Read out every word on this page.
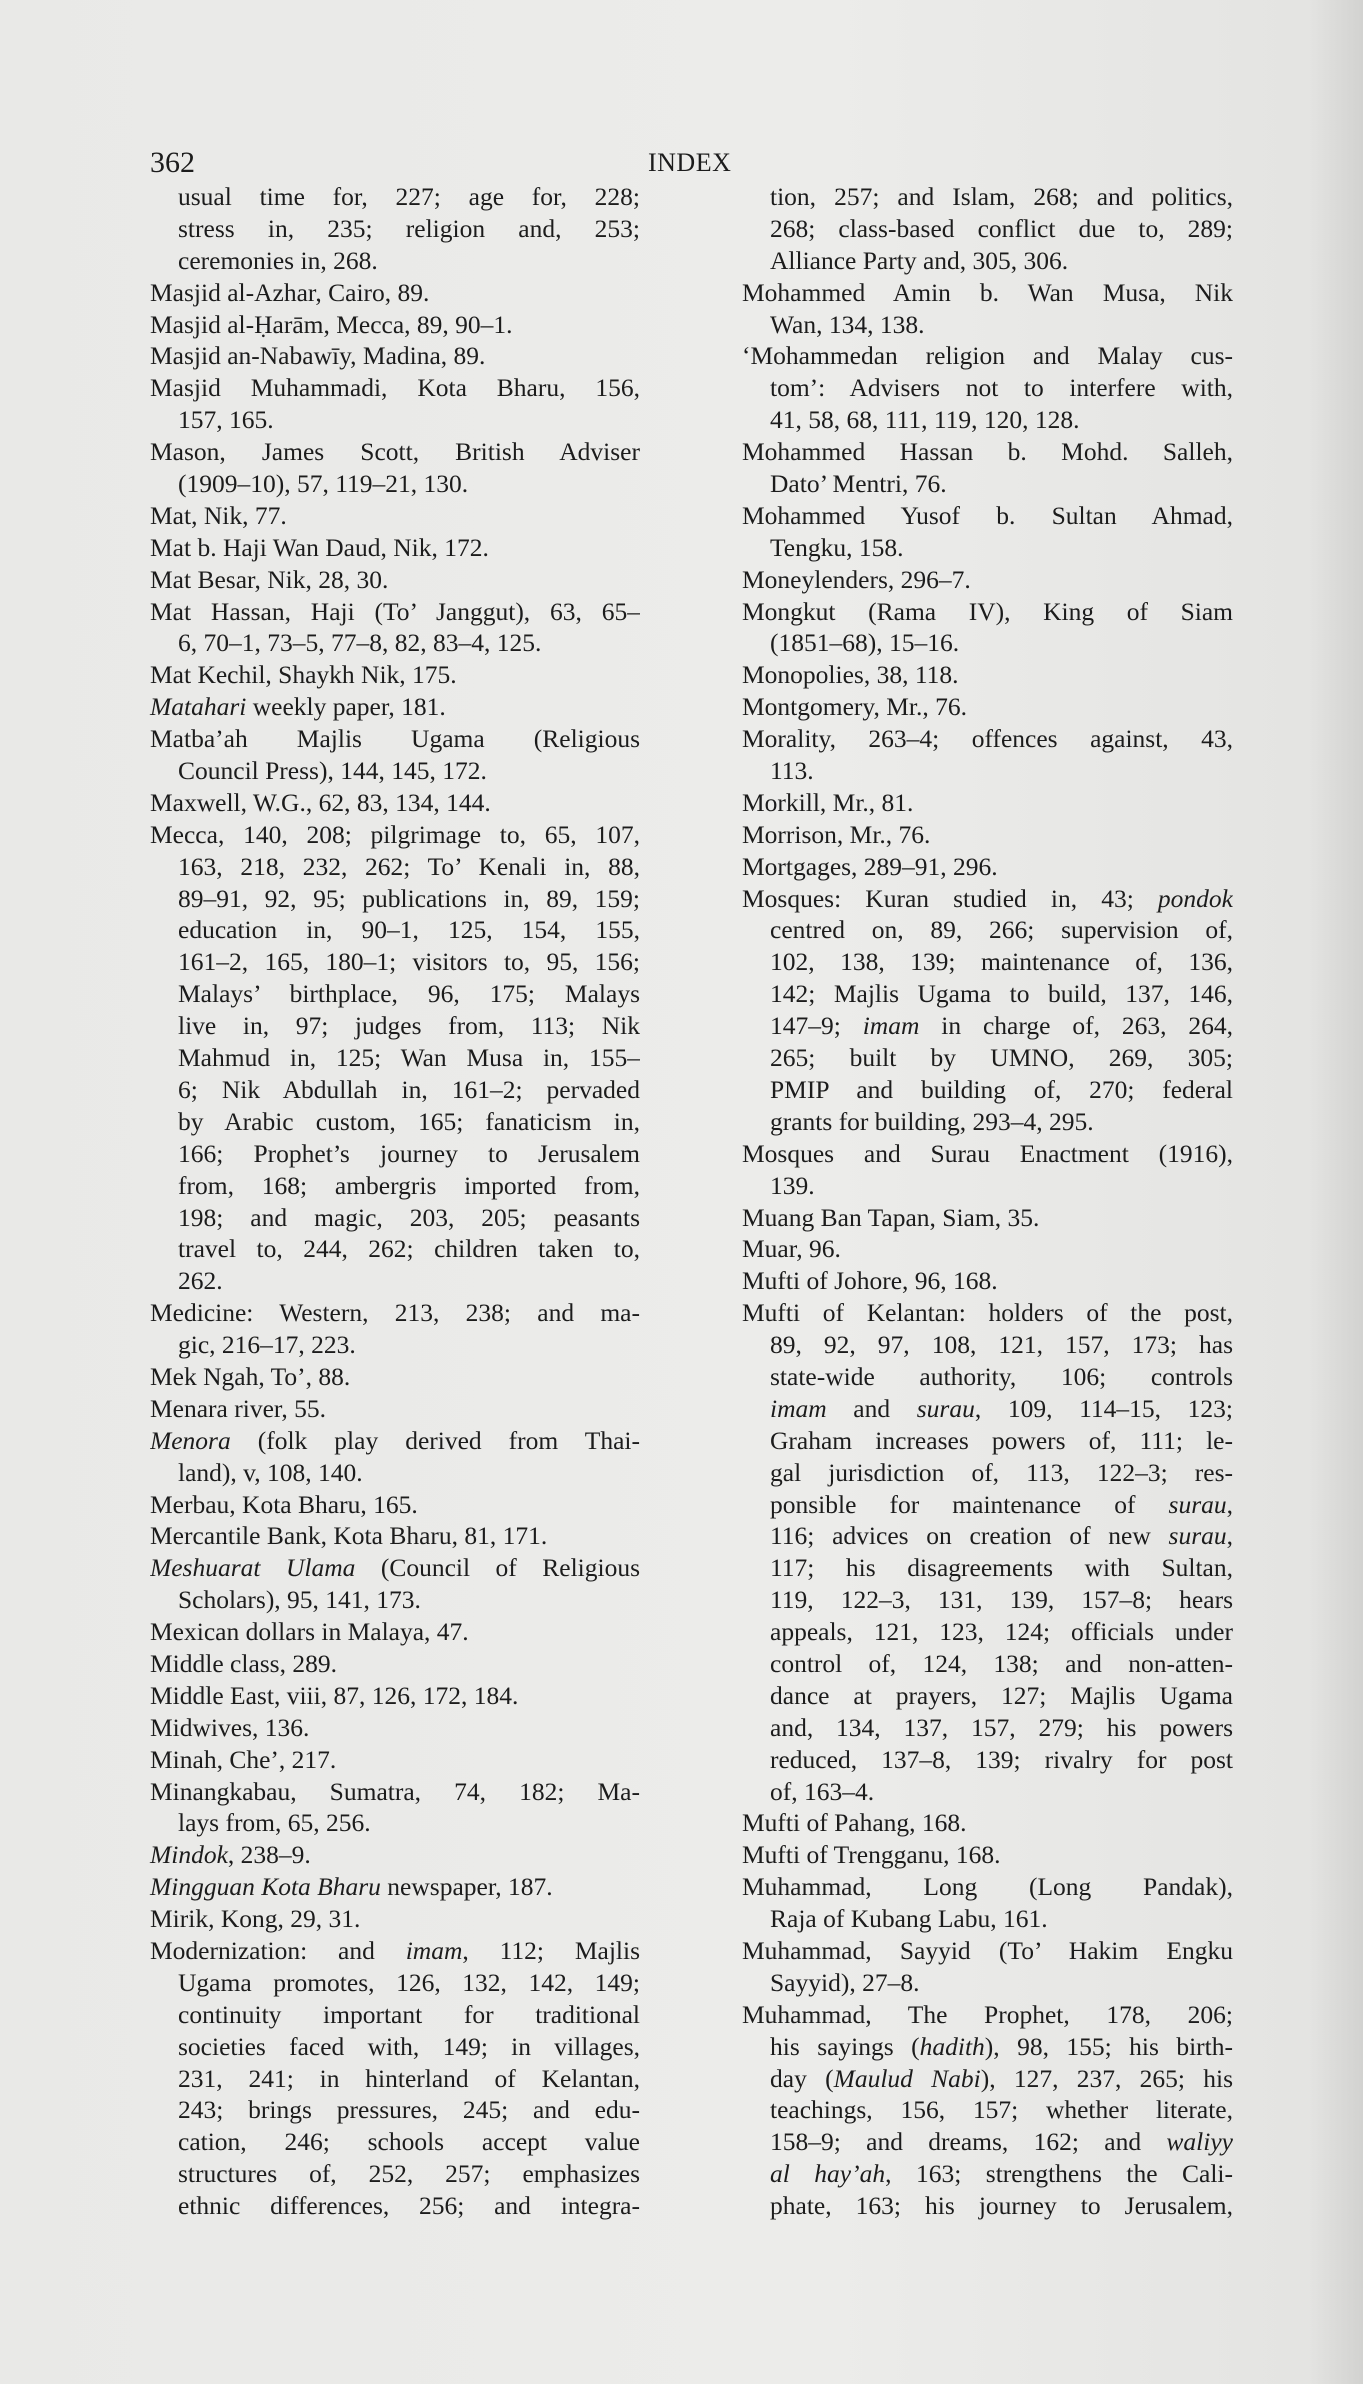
362	INDEX
usual time for, 227; age for, 228;
stress in, 235; religion and, 253;
ceremonies in, 268.
Masjid al-Azhar, Cairo, 89.
Masjid al-Ḥarām, Mecca, 89, 90–1.
Masjid an-Nabawīy, Madina, 89.
Masjid Muhammadi, Kota Bharu, 156,
157, 165.
Mason, James Scott, British Adviser
(1909–10), 57, 119–21, 130.
Mat, Nik, 77.
Mat b. Haji Wan Daud, Nik, 172.
Mat Besar, Nik, 28, 30.
Mat Hassan, Haji (To’ Janggut), 63, 65–
6, 70–1, 73–5, 77–8, 82, 83–4, 125.
Mat Kechil, Shaykh Nik, 175.
Matahari weekly paper, 181.
Matba’ah Majlis Ugama (Religious
Council Press), 144, 145, 172.
Maxwell, W.G., 62, 83, 134, 144.
Mecca, 140, 208; pilgrimage to, 65, 107,
163, 218, 232, 262; To’ Kenali in, 88,
89–91, 92, 95; publications in, 89, 159;
education in, 90–1, 125, 154, 155,
161–2, 165, 180–1; visitors to, 95, 156;
Malays’ birthplace, 96, 175; Malays
live in, 97; judges from, 113; Nik
Mahmud in, 125; Wan Musa in, 155–
6; Nik Abdullah in, 161–2; pervaded
by Arabic custom, 165; fanaticism in,
166; Prophet’s journey to Jerusalem
from, 168; ambergris imported from,
198; and magic, 203, 205; peasants
travel to, 244, 262; children taken to,
262.
Medicine: Western, 213, 238; and ma-
gic, 216–17, 223.
Mek Ngah, To’, 88.
Menara river, 55.
Menora (folk play derived from Thai-
land), v, 108, 140.
Merbau, Kota Bharu, 165.
Mercantile Bank, Kota Bharu, 81, 171.
Meshuarat Ulama (Council of Religious
Scholars), 95, 141, 173.
Mexican dollars in Malaya, 47.
Middle class, 289.
Middle East, viii, 87, 126, 172, 184.
Midwives, 136.
Minah, Che’, 217.
Minangkabau, Sumatra, 74, 182; Ma-
lays from, 65, 256.
Mindok, 238–9.
Mingguan Kota Bharu newspaper, 187.
Mirik, Kong, 29, 31.
Modernization: and imam, 112; Majlis
Ugama promotes, 126, 132, 142, 149;
continuity important for traditional
societies faced with, 149; in villages,
231, 241; in hinterland of Kelantan,
243; brings pressures, 245; and edu-
cation, 246; schools accept value
structures of, 252, 257; emphasizes
ethnic differences, 256; and integra-
tion, 257; and Islam, 268; and politics,
268; class-based conflict due to, 289;
Alliance Party and, 305, 306.
Mohammed Amin b. Wan Musa, Nik
Wan, 134, 138.
‘Mohammedan religion and Malay cus-
tom’: Advisers not to interfere with,
41, 58, 68, 111, 119, 120, 128.
Mohammed Hassan b. Mohd. Salleh,
Dato’ Mentri, 76.
Mohammed Yusof b. Sultan Ahmad,
Tengku, 158.
Moneylenders, 296–7.
Mongkut (Rama IV), King of Siam
(1851–68), 15–16.
Monopolies, 38, 118.
Montgomery, Mr., 76.
Morality, 263–4; offences against, 43,
113.
Morkill, Mr., 81.
Morrison, Mr., 76.
Mortgages, 289–91, 296.
Mosques: Kuran studied in, 43; pondok
centred on, 89, 266; supervision of,
102, 138, 139; maintenance of, 136,
142; Majlis Ugama to build, 137, 146,
147–9; imam in charge of, 263, 264,
265; built by UMNO, 269, 305;
PMIP and building of, 270; federal
grants for building, 293–4, 295.
Mosques and Surau Enactment (1916),
139.
Muang Ban Tapan, Siam, 35.
Muar, 96.
Mufti of Johore, 96, 168.
Mufti of Kelantan: holders of the post,
89, 92, 97, 108, 121, 157, 173; has
state-wide authority, 106; controls
imam and surau, 109, 114–15, 123;
Graham increases powers of, 111; le-
gal jurisdiction of, 113, 122–3; res-
ponsible for maintenance of surau,
116; advices on creation of new surau,
117; his disagreements with Sultan,
119, 122–3, 131, 139, 157–8; hears
appeals, 121, 123, 124; officials under
control of, 124, 138; and non-atten-
dance at prayers, 127; Majlis Ugama
and, 134, 137, 157, 279; his powers
reduced, 137–8, 139; rivalry for post
of, 163–4.
Mufti of Pahang, 168.
Mufti of Trengganu, 168.
Muhammad, Long (Long Pandak),
Raja of Kubang Labu, 161.
Muhammad, Sayyid (To’ Hakim Engku
Sayyid), 27–8.
Muhammad, The Prophet, 178, 206;
his sayings (hadith), 98, 155; his birth-
day (Maulud Nabi), 127, 237, 265; his
teachings, 156, 157; whether literate,
158–9; and dreams, 162; and waliyy
al hay’ah, 163; strengthens the Cali-
phate, 163; his journey to Jerusalem,
